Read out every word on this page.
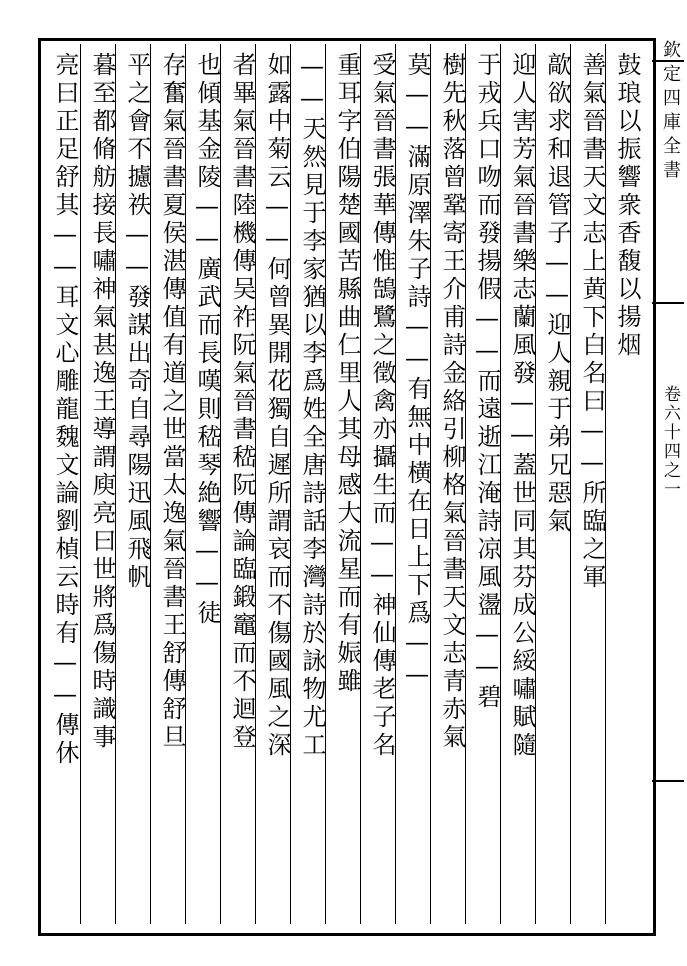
欽定四庫全書
卷六十四之一
鼓琅以振響衆香馥以揚烟
善氣晉書天文志上黄下白名曰——所臨之軍
歊欲求和退管子——迎人親于弟兄惡氣
迎人害芳氣晉書樂志蘭風發——蓋世同其芬成公綏嘯賦隨
于戎兵口吻而發揚假——而遠逝江淹詩凉風盪——碧
樹先秋落曾鞏寄王介甫詩金絡引柳格氣晉書天文志青赤氣
莫——滿原澤朱子詩——有無中横在日上下爲——
受氣晉書張華傳惟鵠鷺之徵禽亦攝生而——神仙傳老子名
重耳字伯陽楚國苦縣曲仁里人其母感大流星而有娠雖
——天然見于李家猶以李爲姓全唐詩話李灣詩於詠物尤工
如露中菊云——何曾異開花獨自遲所謂哀而不傷國風之深
者畢氣晉書陸機傳吴祚阮氣晉書嵇阮傳論臨鍛竈而不迴登
也傾基金陵——廣武而長嘆則嵇琴絶響——徒
存奮氣晉書夏侯湛傳值有道之世當太逸氣晉書王舒傳舒旦
平之會不攄祑——發謀出奇自尋陽迅風飛帆
暮至都脩舫接長嘯神氣甚逸王導謂庾亮曰世將爲傷時識事
亮曰正足舒其——耳文心雕龍魏文論劉楨云時有——傳休
